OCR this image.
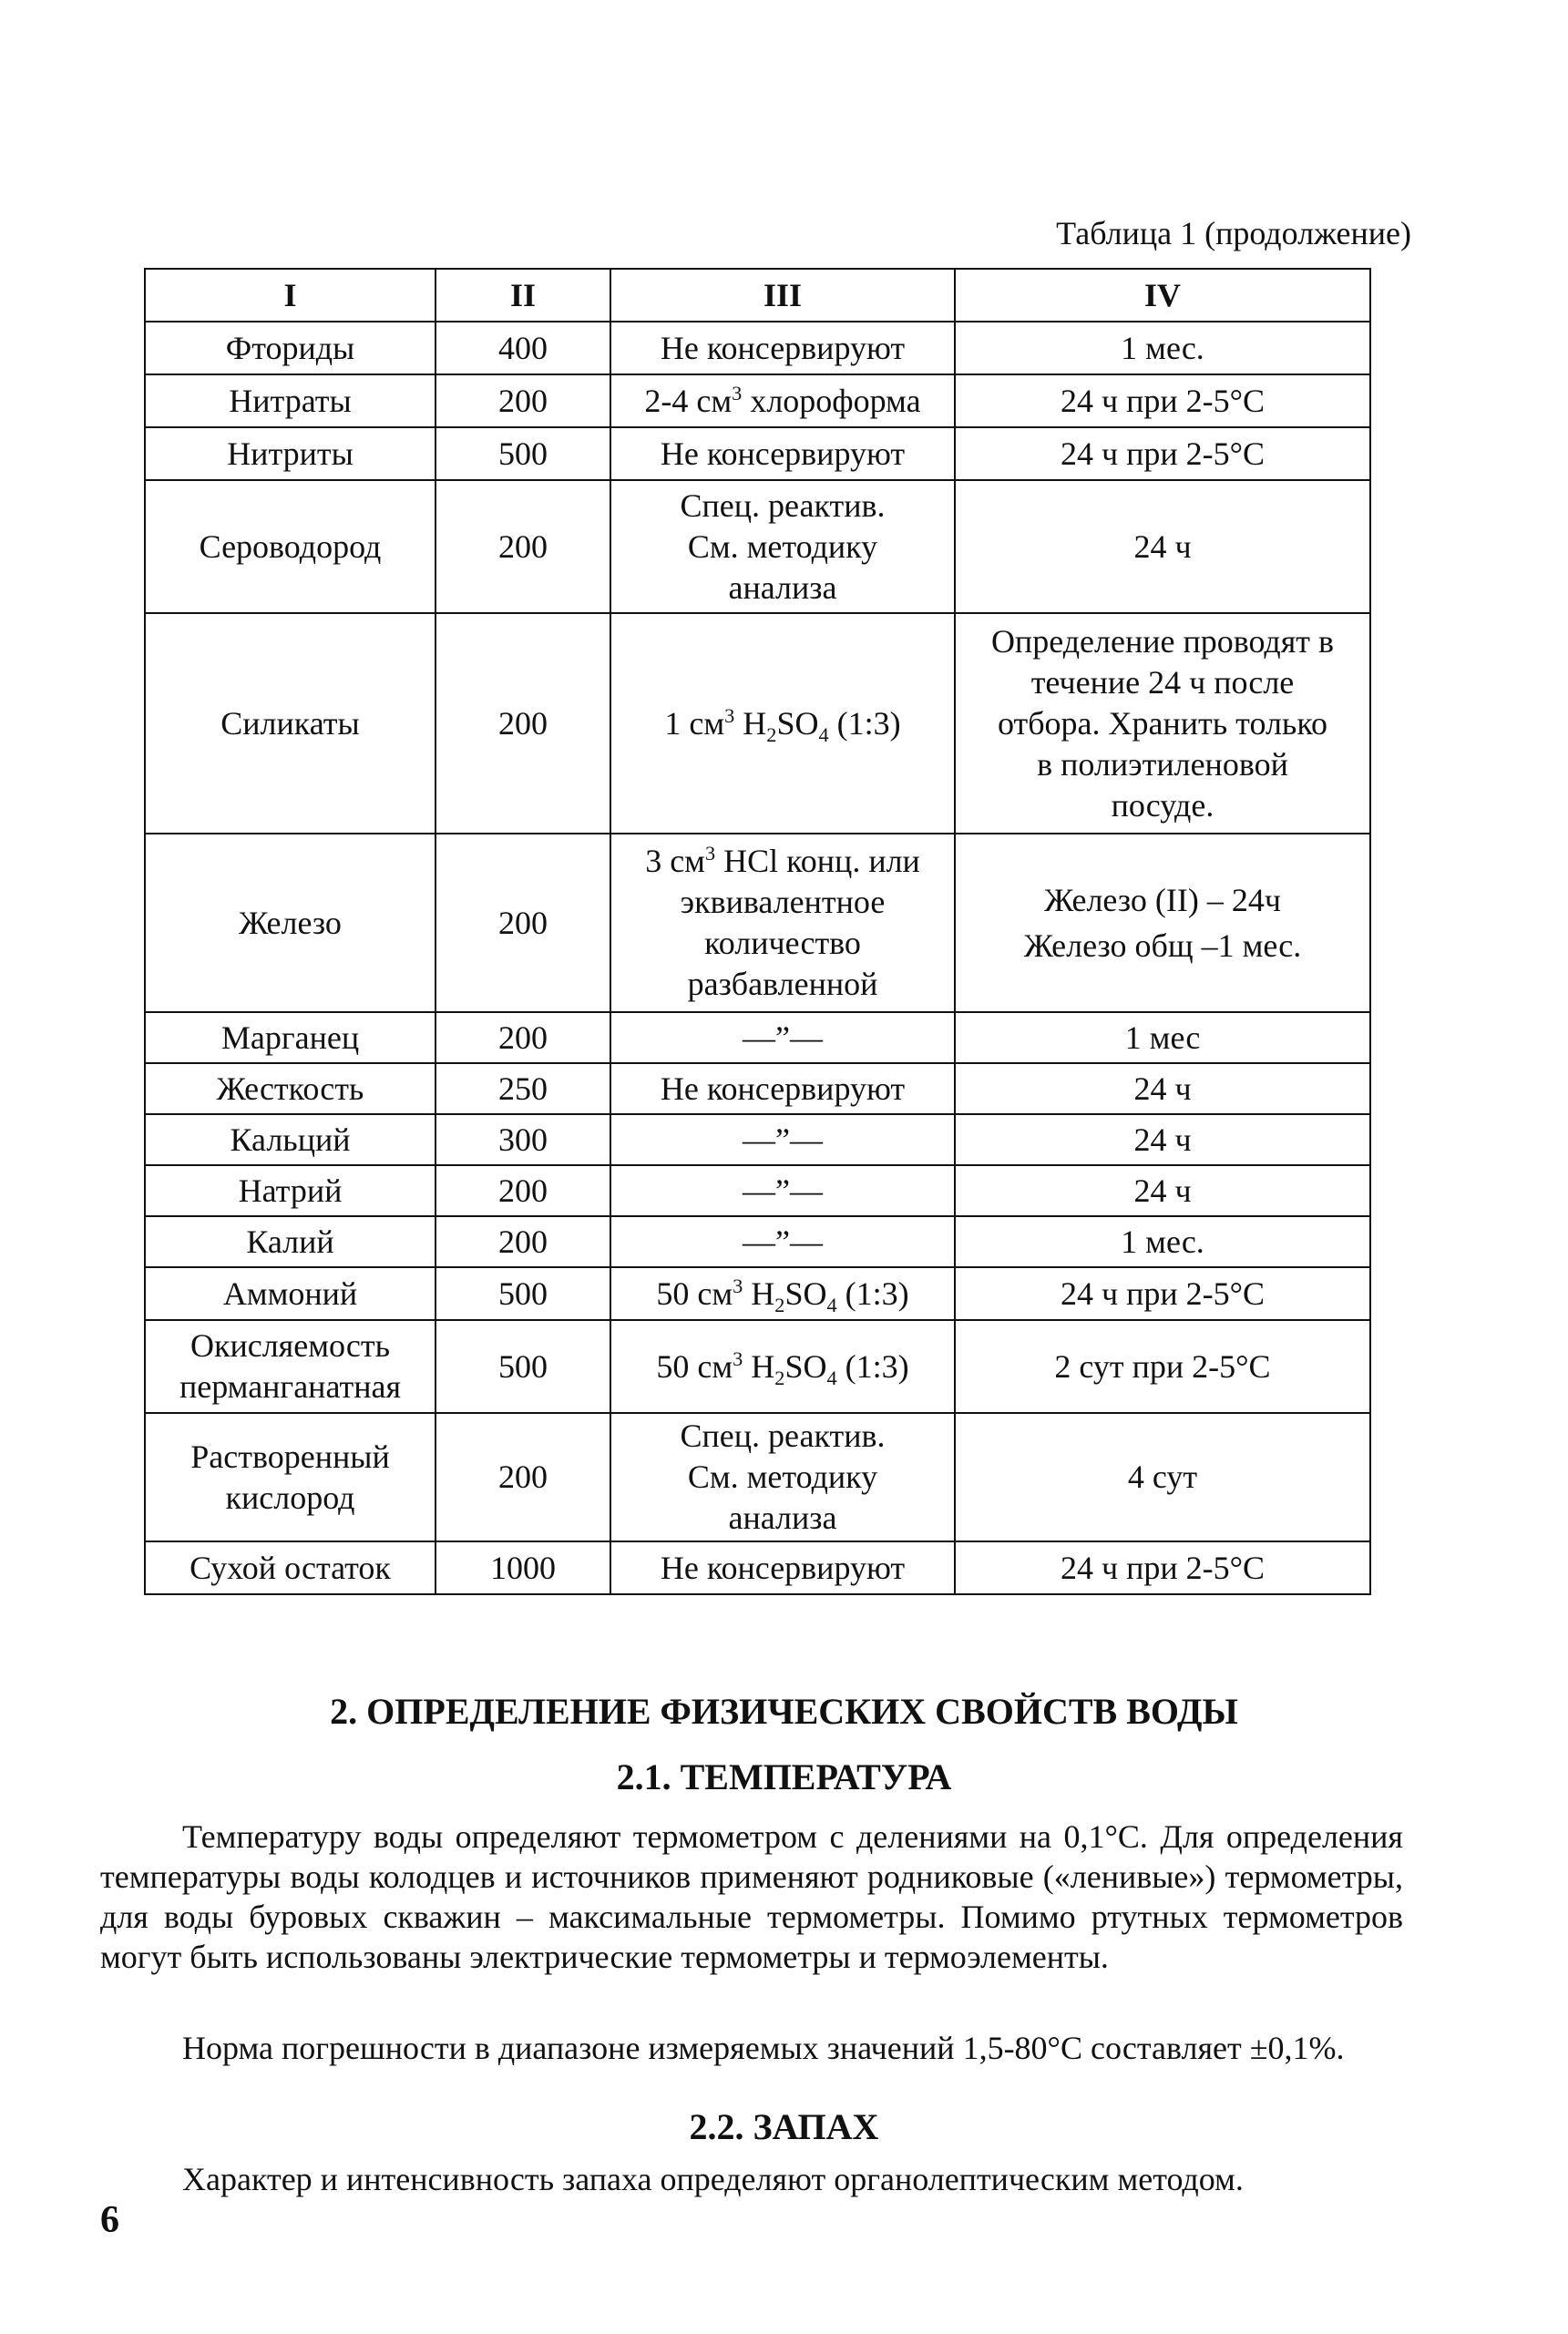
Таблица 1 (продолжение)
I	II	III	IV
Фториды	400	Не консервируют	1 мес.
Нитраты	200	2-4 $см^3$ хлороформа	24 ч при 2-5°С
Нитриты	500	Не консервируют	24 ч при 2-5°С
Сероводород	200	Спец. реактив.
См. методику
анализа	24 ч
Силикаты	200	1 $см^3$ $H_2SO_4$ (1:3)	Определение проводят в
течение 24 ч после
отбора. Хранить только
в полиэтиленовой
посуде.

Железо	200	3 $см^3$ HCl конц. или
эквивалентное
количество
разбавленной	Железо (II) – 24ч
Железо общ –1 мес.

Марганец	200	—”—	1 мес
Жесткость	250	Не консервируют	24 ч
Кальций	300	—”—	24 ч
Натрий	200	—”—	24 ч
Калий	200	—”—	1 мес.
Аммоний	500	50 $см^3$ $H_2SO_4$ (1:3)	24 ч при 2-5°С

Окисляемость
перманганатная	500	50 $см^3$ $H_2SO_4$ (1:3)	2 сут при 2-5°С

Растворенный
кислород	200	Спец. реактив.
См. методику
анализа	4 сут
Сухой остаток	1000	Не консервируют	24 ч при 2-5°С
2. ОПРЕДЕЛЕНИЕ ФИЗИЧЕСКИХ СВОЙСТВ ВОДЫ
2.1. ТЕМПЕРАТУРА

Температуру воды определяют термометром с делениями на 0,1°С. Для определения температуры воды колодцев и источников применяют родниковые («ленивые») термометры, для воды буровых скважин – максимальные термометры. Помимо ртутных термометров могут быть использованы электрические термометры и термоэлементы.

Норма погрешности в диапазоне измеряемых значений 1,5-80°С составляет ±0,1%.

2.2. ЗАПАХ

Характер и интенсивность запаха определяют органолептическим методом.

6
